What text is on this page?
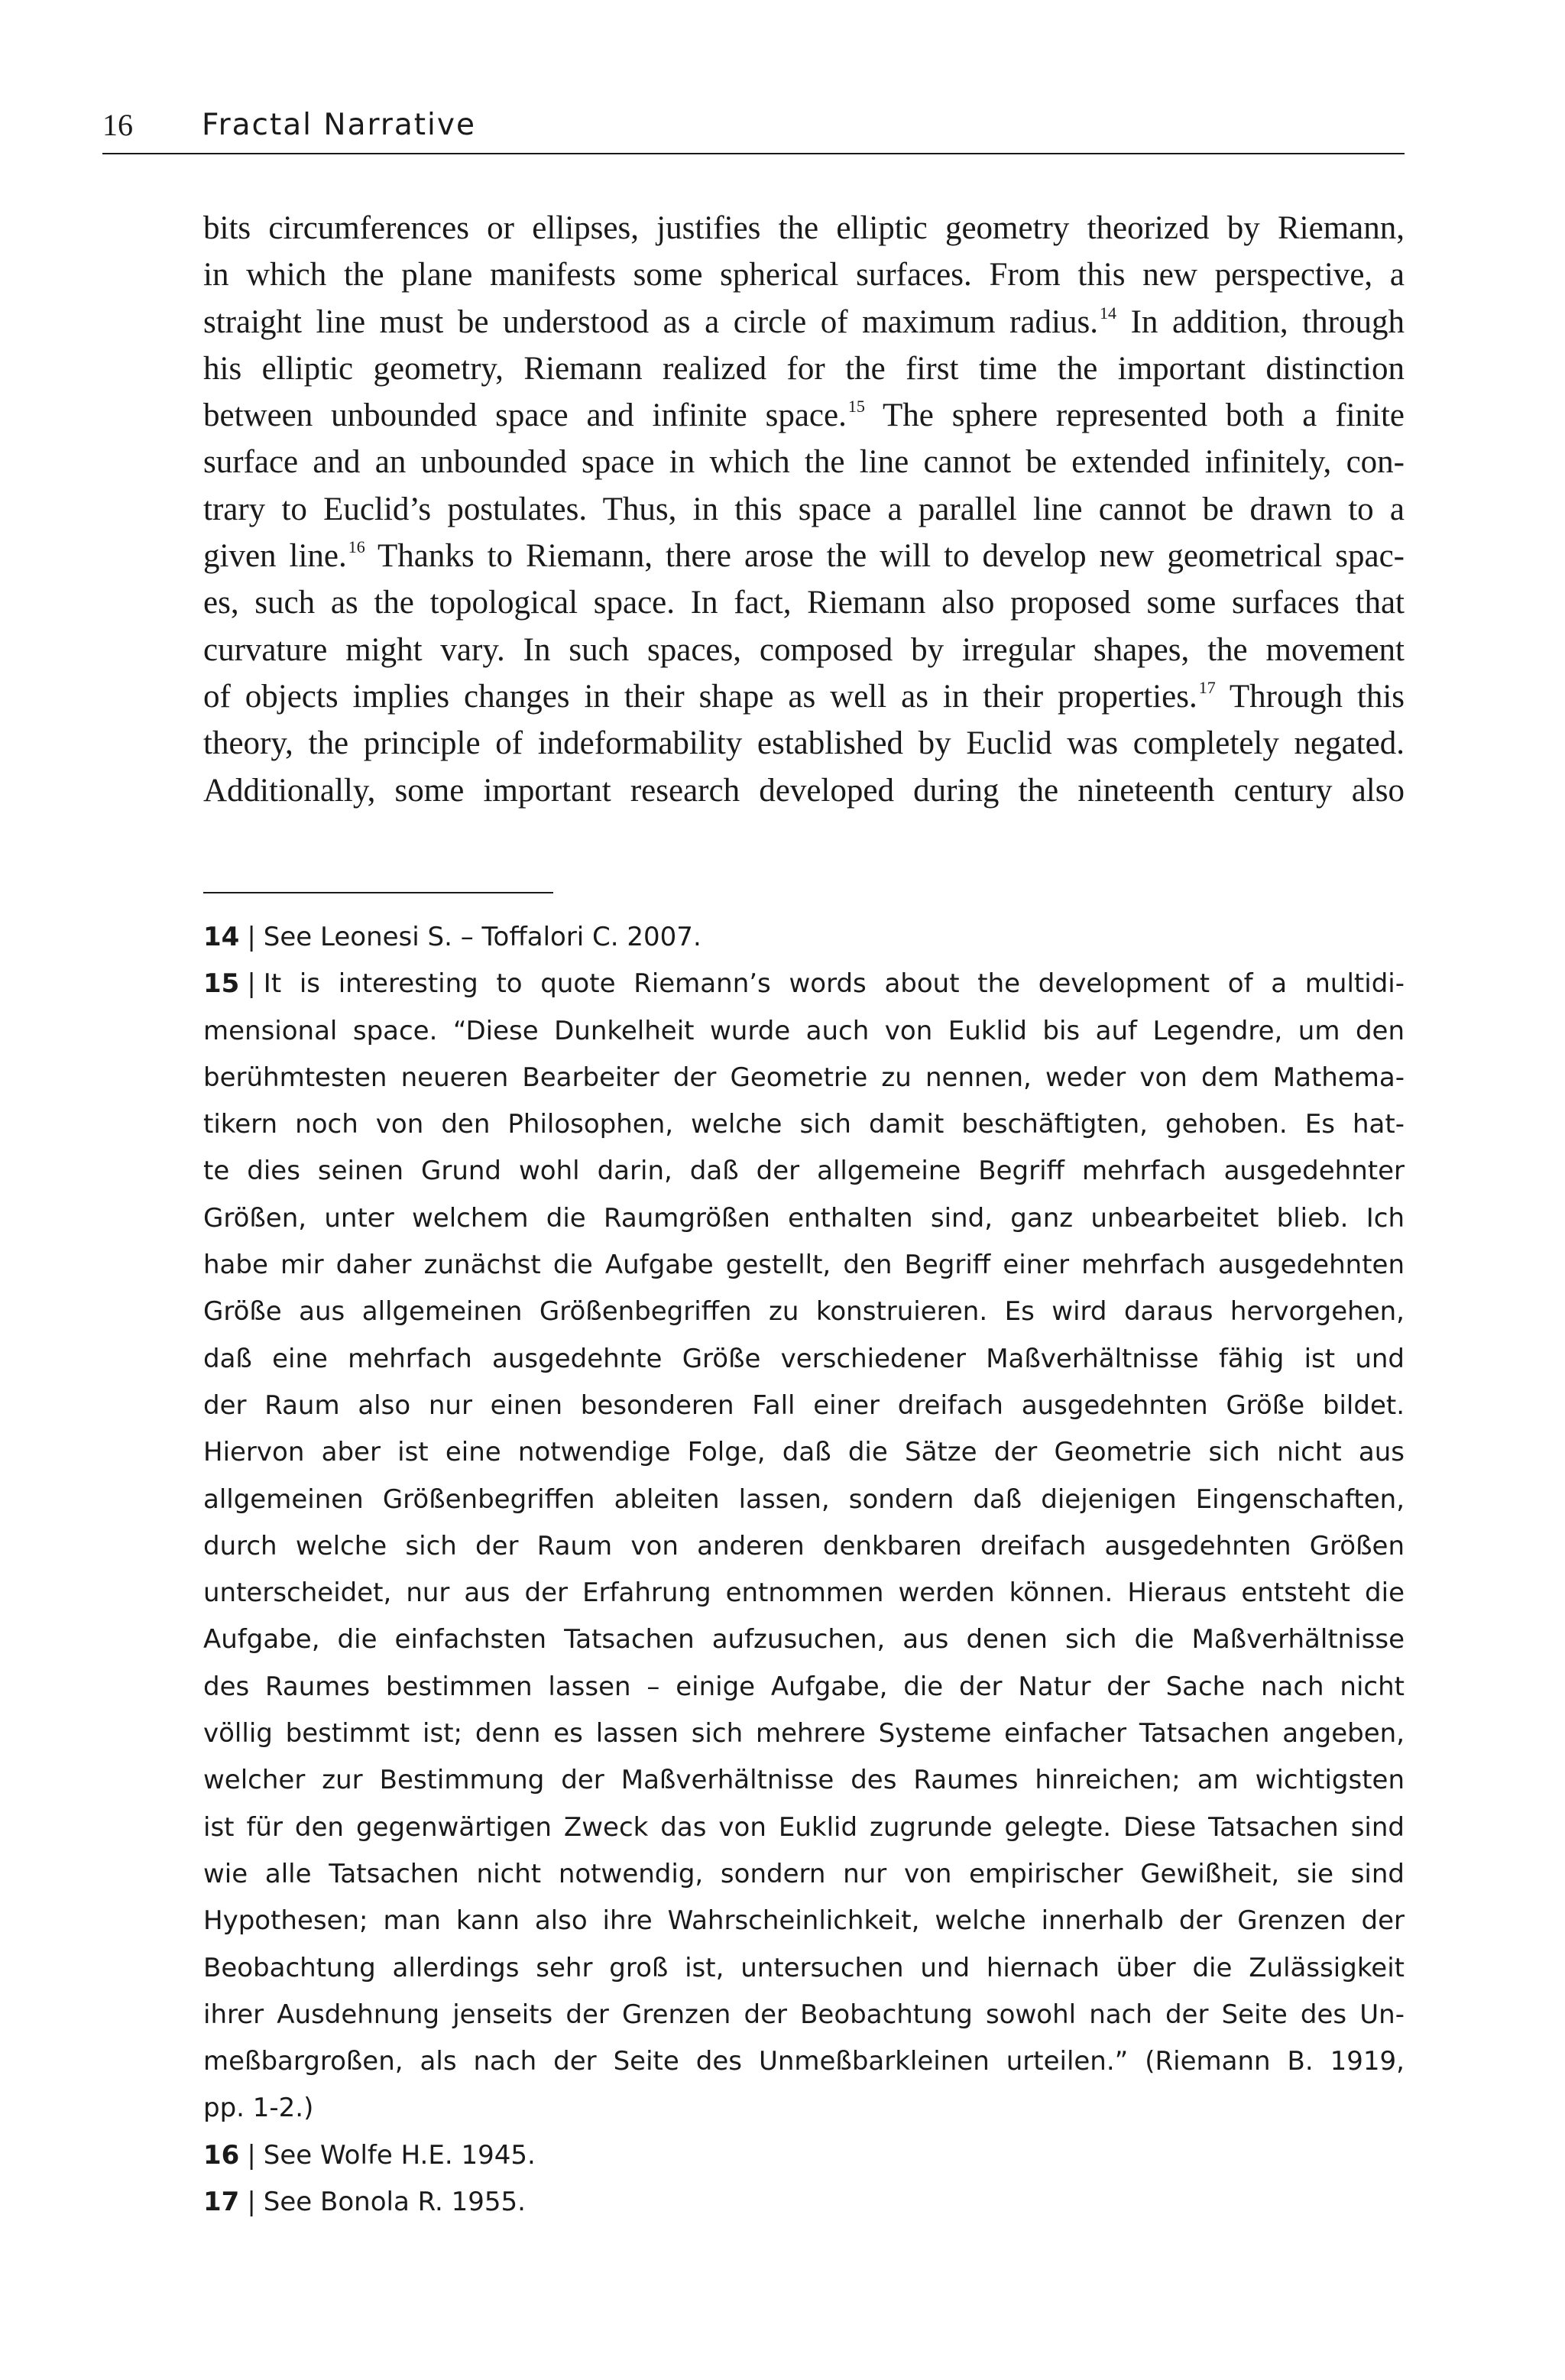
16 Fractal Narrative
bits circumferences or ellipses, justifies the elliptic geometry theorized by Riemann,
in which the plane manifests some spherical surfaces. From this new perspective, a
straight line must be understood as a circle of maximum radius.$^{14}$ In addition, through
his elliptic geometry, Riemann realized for the first time the important distinction
between unbounded space and infinite space.$^{15}$ The sphere represented both a finite
surface and an unbounded space in which the line cannot be extended infinitely, con-
trary to Euclid’s postulates. Thus, in this space a parallel line cannot be drawn to a
given line.$^{16}$ Thanks to Riemann, there arose the will to develop new geometrical spac-
es, such as the topological space. In fact, Riemann also proposed some surfaces that
curvature might vary. In such spaces, composed by irregular shapes, the movement
of objects implies changes in their shape as well as in their properties.$^{17}$ Through this
theory, the principle of indeformability established by Euclid was completely negated.
Additionally, some important research developed during the nineteenth century also
14 | See Leonesi S. – Toffalori C. 2007.
15 | It is interesting to quote Riemann’s words about the development of a multidi-
mensional space. “Diese Dunkelheit wurde auch von Euklid bis auf Legendre, um den
berühmtesten neueren Bearbeiter der Geometrie zu nennen, weder von dem Mathema-
tikern noch von den Philosophen, welche sich damit beschäftigten, gehoben. Es hat-
te dies seinen Grund wohl darin, daß der allgemeine Begriff mehrfach ausgedehnter
Größen, unter welchem die Raumgrößen enthalten sind, ganz unbearbeitet blieb. Ich
habe mir daher zunächst die Aufgabe gestellt, den Begriff einer mehrfach ausgedehnten
Größe aus allgemeinen Größenbegriffen zu konstruieren. Es wird daraus hervorgehen,
daß eine mehrfach ausgedehnte Größe verschiedener Maßverhältnisse fähig ist und
der Raum also nur einen besonderen Fall einer dreifach ausgedehnten Größe bildet.
Hiervon aber ist eine notwendige Folge, daß die Sätze der Geometrie sich nicht aus
allgemeinen Größenbegriffen ableiten lassen, sondern daß diejenigen Eingenschaften,
durch welche sich der Raum von anderen denkbaren dreifach ausgedehnten Größen
unterscheidet, nur aus der Erfahrung entnommen werden können. Hieraus entsteht die
Aufgabe, die einfachsten Tatsachen aufzusuchen, aus denen sich die Maßverhältnisse
des Raumes bestimmen lassen – einige Aufgabe, die der Natur der Sache nach nicht
völlig bestimmt ist; denn es lassen sich mehrere Systeme einfacher Tatsachen angeben,
welcher zur Bestimmung der Maßverhältnisse des Raumes hinreichen; am wichtigsten
ist für den gegenwärtigen Zweck das von Euklid zugrunde gelegte. Diese Tatsachen sind
wie alle Tatsachen nicht notwendig, sondern nur von empirischer Gewißheit, sie sind
Hypothesen; man kann also ihre Wahrscheinlichkeit, welche innerhalb der Grenzen der
Beobachtung allerdings sehr groß ist, untersuchen und hiernach über die Zulässigkeit
ihrer Ausdehnung jenseits der Grenzen der Beobachtung sowohl nach der Seite des Un-
meßbargroßen, als nach der Seite des Unmeßbarkleinen urteilen.” (Riemann B. 1919,
pp. 1-2.)
16 | See Wolfe H.E. 1945.
17 | See Bonola R. 1955.
